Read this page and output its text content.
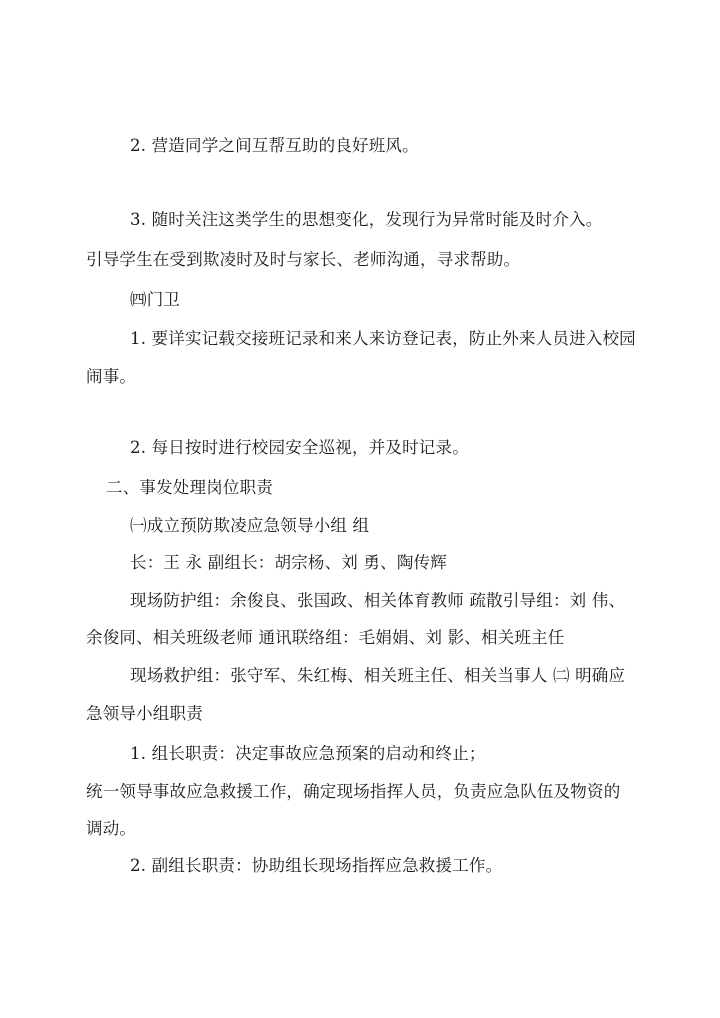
2. 营造同学之间互帮互助的良好班风。
3. 随时关注这类学生的思想变化，发现行为异常时能及时介入。
引导学生在受到欺凌时及时与家长、老师沟通，寻求帮助。
㈣门卫
1. 要详实记载交接班记录和来人来访登记表，防止外来人员进入校园
闹事。
2. 每日按时进行校园安全巡视，并及时记录。
二、事发处理岗位职责
㈠成立预防欺凌应急领导小组 组
长：王 永 副组长：胡宗杨、刘 勇、陶传辉
现场防护组：余俊良、张国政、相关体育教师 疏散引导组：刘 伟、
余俊同、相关班级老师 通讯联络组：毛娟娟、刘 影、相关班主任
现场救护组：张守军、朱红梅、相关班主任、相关当事人 ㈡ 明确应
急领导小组职责
1. 组长职责：决定事故应急预案的启动和终止；
统一领导事故应急救援工作，确定现场指挥人员，负责应急队伍及物资的
调动。
2. 副组长职责：协助组长现场指挥应急救援工作。
